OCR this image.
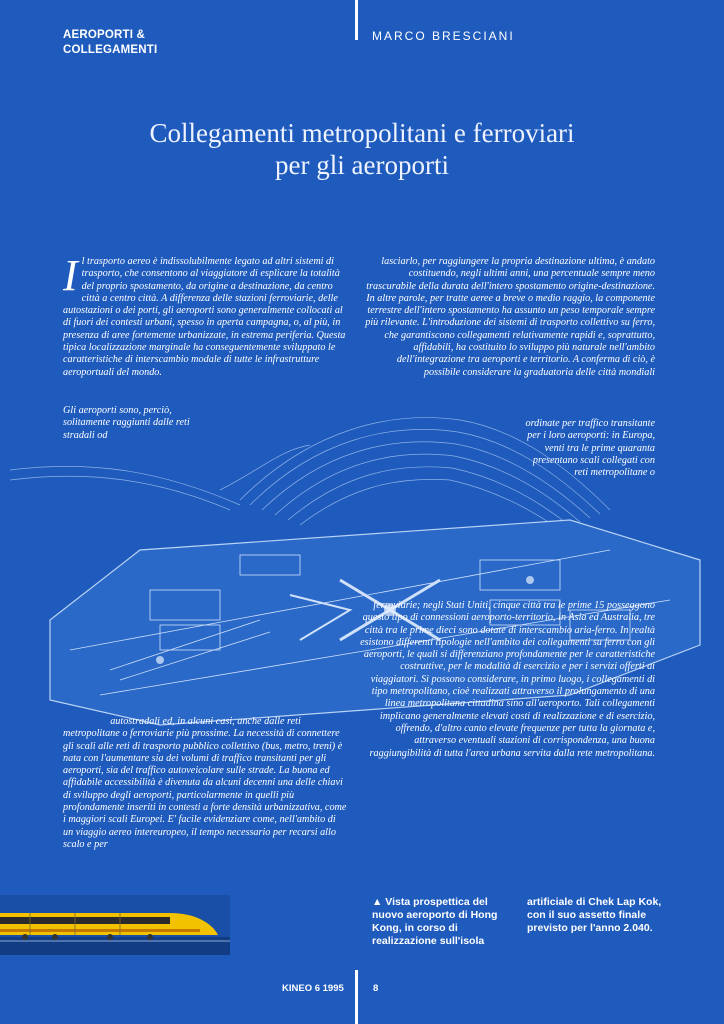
AEROPORTI &
COLLEGAMENTI
MARCO BRESCIANI
Collegamenti metropolitani e ferroviari
per gli aeroporti
I l trasporto aereo è indissolubilmente legato ad altri sistemi di trasporto, che consentono al viaggiatore di esplicare la totalità del proprio spostamento, da origine a destinazione, da centro città a centro città. A differenza delle stazioni ferroviarie, delle autostazioni o dei porti, gli aeroporti sono generalmente collocati al di fuori dei contesti urbani, spesso in aperta campagna, o, al più, in presenza di aree fortemente urbanizzate, in estrema periferia. Questa tipica localizzazione marginale ha conseguentemente sviluppato le caratteristiche di interscambio modale di tutte le infrastrutture aeroportuali del mondo.
Gli aeroporti sono, perciò, solitamente raggiunti dalle reti stradali od
lasciarlo, per raggiungere la propria destinazione ultima, è andato costituendo, negli ultimi anni, una percentuale sempre meno trascurabile della durata dell'intero spostamento origine-destinazione. In altre parole, per tratte aeree a breve o medio raggio, la componente terrestre dell'intero spostamento ha assunto un peso temporale sempre più rilevante. L'introduzione dei sistemi di trasporto collettivo su ferro, che garantiscono collegamenti relativamente rapidi e, soprattutto, affidabili, ha costituito lo sviluppo più naturale nell'ambito dell'integrazione tra aeroporti e territorio. A conferma di ciò, è possibile considerare la graduatoria delle città mondiali
ordinate per traffico transitante per i loro aeroporti: in Europa, venti tra le prime quaranta presentano scali collegati con reti metropolitane o
ferroviarie; negli Stati Uniti, cinque città tra le prime 15 posseggono questo tipo di connessioni aeroporto-territorio, in Asia ed Australia, tre città tra le prime dieci sono dotate di interscambio aria-ferro. In realtà esistono differenti tipologie nell'ambito dei collegamenti su ferro con gli aeroporti, le quali si differenziano profondamente per le caratteristiche costruttive, per le modalità di esercizio e per i servizi offerti ai viaggiatori. Si possono considerare, in primo luogo, i collegamenti di tipo metropolitano, cioè realizzati attraverso il prolungamento di una linea metropolitana cittadina sino all'aeroporto. Tali collegamenti implicano generalmente elevati costi di realizzazione e di esercizio, offrendo, d'altro canto elevate frequenze per tutta la giornata e, attraverso eventuali stazioni di corrispondenza, una buona raggiungibilità di tutta l'area urbana servita dalla rete metropolitana.
autostradali ed, in alcuni casi, anche dalle reti
metropolitane o ferroviarie più prossime. La necessità di connettere gli scali alle reti di trasporto pubblico collettivo (bus, metro, treni) è nata con l'aumentare sia dei volumi di traffico transitanti per gli aeroporti, sia del traffico autoveicolare sulle strade. La buona ed affidabile accessibilità è divenuta da alcuni decenni una delle chiavi di sviluppo degli aeroporti, particolarmente in quelli più profondamente inseriti in contesti a forte densità urbanizzativa, come i maggiori scali Europei. E' facile evidenziare come, nell'ambito di un viaggio aereo intereuropeo, il tempo necessario per recarsi allo scalo e per
▲ Vista prospettica del nuovo aeroporto di Hong Kong, in corso di realizzazione sull'isola
artificiale di Chek Lap Kok, con il suo assetto finale previsto per l'anno 2.040.
KINEO 6 1995	8
